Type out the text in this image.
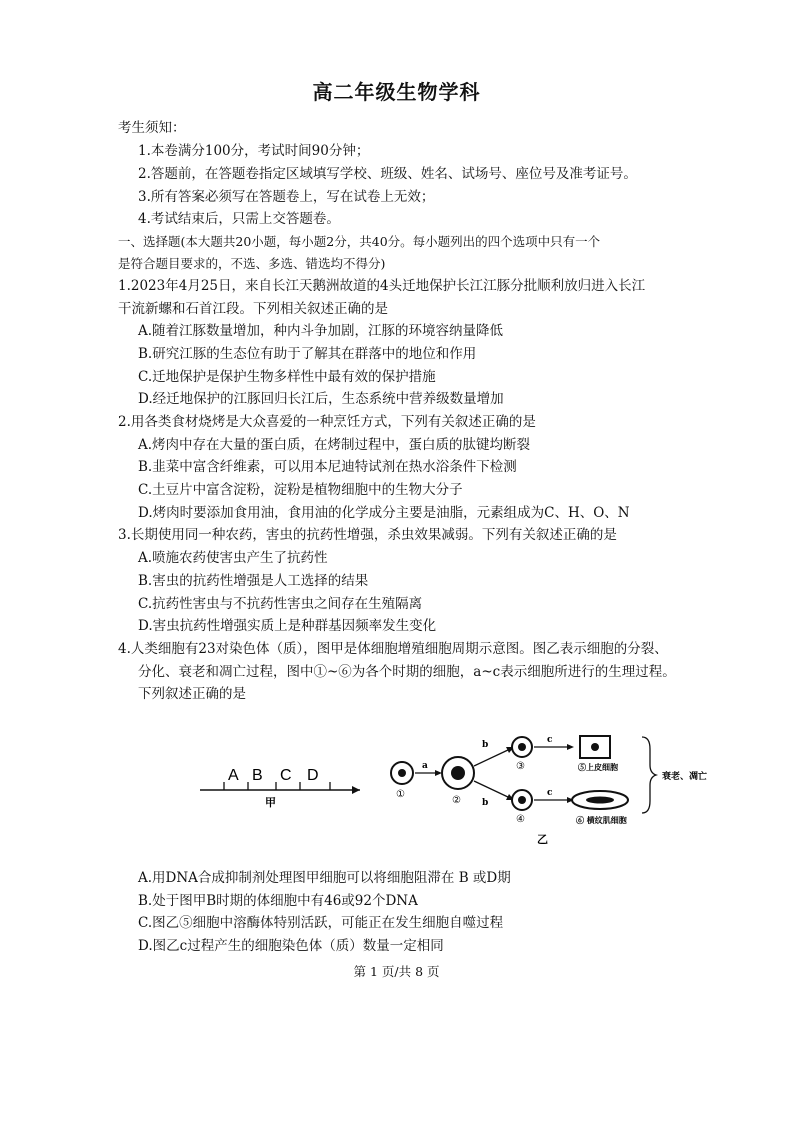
高二年级生物学科
考生须知：
1.本卷满分100分，考试时间90分钟；
2.答题前，在答题卷指定区域填写学校、班级、姓名、试场号、座位号及准考证号。
3.所有答案必须写在答题卷上，写在试卷上无效；
4.考试结束后，只需上交答题卷。
一、选择题(本大题共20小题，每小题2分，共40分。每小题列出的四个选项中只有一个
是符合题目要求的，不选、多选、错选均不得分)
1.2023年4月25日，来自长江天鹅洲故道的4头迁地保护长江江豚分批顺利放归进入长江
干流新螺和石首江段。下列相关叙述正确的是
A.随着江豚数量增加，种内斗争加剧，江豚的环境容纳量降低
B.研究江豚的生态位有助于了解其在群落中的地位和作用
C.迁地保护是保护生物多样性中最有效的保护措施
D.经迁地保护的江豚回归长江后，生态系统中营养级数量增加
2.用各类食材烧烤是大众喜爱的一种烹饪方式，下列有关叙述正确的是
A.烤肉中存在大量的蛋白质，在烤制过程中，蛋白质的肽键均断裂
B.韭菜中富含纤维素，可以用本尼迪特试剂在热水浴条件下检测
C.土豆片中富含淀粉，淀粉是植物细胞中的生物大分子
D.烤肉时要添加食用油，食用油的化学成分主要是油脂，元素组成为C、H、O、N
3.长期使用同一种农药，害虫的抗药性增强，杀虫效果减弱。下列有关叙述正确的是
A.喷施农药使害虫产生了抗药性
B.害虫的抗药性增强是人工选择的结果
C.抗药性害虫与不抗药性害虫之间存在生殖隔离
D.害虫抗药性增强实质上是种群基因频率发生变化
4.人类细胞有23对染色体（质），图甲是体细胞增殖细胞周期示意图。图乙表示细胞的分裂、
分化、衰老和凋亡过程，图中①~⑥为各个时期的细胞，a~c表示细胞所进行的生理过程。
下列叙述正确的是
A B C D
甲
①
a
②
b
b
③
④
c
c
⑤上皮细胞
⑥ 横纹肌细胞
衰老、凋亡
乙
A.用DNA合成抑制剂处理图甲细胞可以将细胞阻滞在 B 或D期
B.处于图甲B时期的体细胞中有46或92个DNA
C.图乙⑤细胞中溶酶体特别活跃，可能正在发生细胞自噬过程
D.图乙c过程产生的细胞染色体（质）数量一定相同
第 1 页/共 8 页
